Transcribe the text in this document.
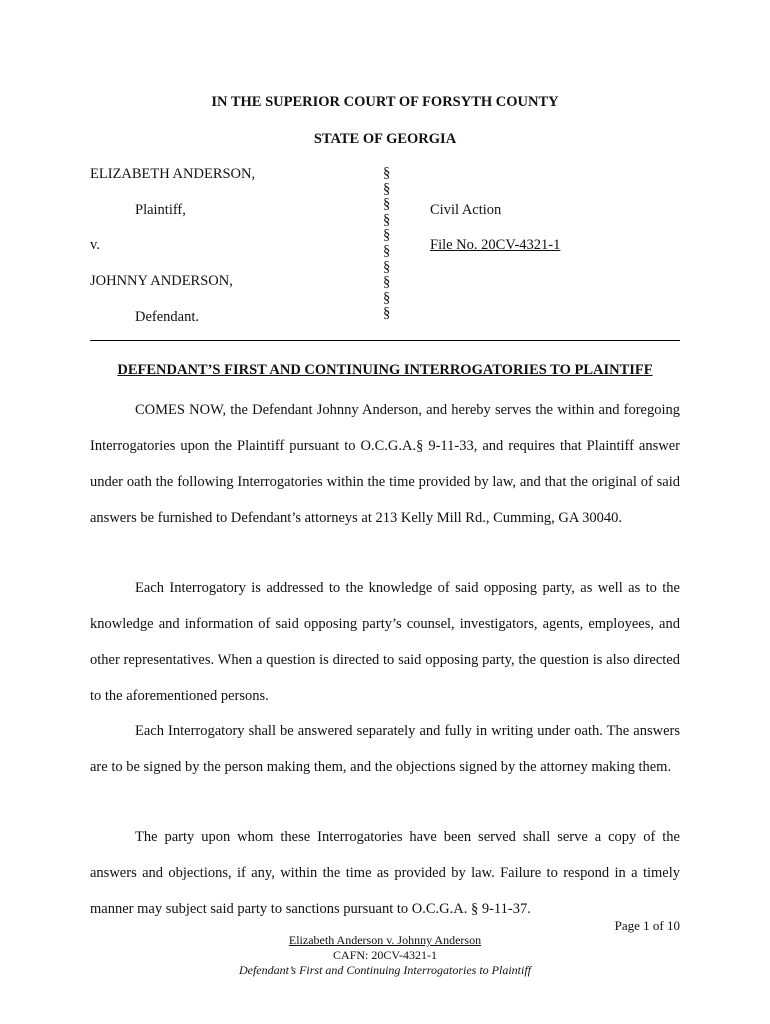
IN THE SUPERIOR COURT OF FORSYTH COUNTY
STATE OF GEORGIA
ELIZABETH ANDERSON,
Plaintiff,
v.
JOHNNY ANDERSON,
Defendant.
§
§
§
§
§
§
§
§
§
§
Civil Action
File No. 20CV-4321-1
DEFENDANT’S FIRST AND CONTINUING INTERROGATORIES TO PLAINTIFF

COMES NOW, the Defendant Johnny Anderson, and hereby serves the within and foregoing Interrogatories upon the Plaintiff pursuant to O.C.G.A.§ 9-11-33, and requires that Plaintiff answer under oath the following Interrogatories within the time provided by law, and that the original of said answers be furnished to Defendant’s attorneys at 213 Kelly Mill Rd., Cumming, GA 30040.

Each Interrogatory is addressed to the knowledge of said opposing party, as well as to the knowledge and information of said opposing party’s counsel, investigators, agents, employees, and other representatives. When a question is directed to said opposing party, the question is also directed to the aforementioned persons.

Each Interrogatory shall be answered separately and fully in writing under oath. The answers are to be signed by the person making them, and the objections signed by the attorney making them.

The party upon whom these Interrogatories have been served shall serve a copy of the answers and objections, if any, within the time as provided by law. Failure to respond in a timely manner may subject said party to sanctions pursuant to O.C.G.A. § 9-11-37.

Page 1 of 10
Elizabeth Anderson v. Johnny Anderson
CAFN: 20CV-4321-1
Defendant’s First and Continuing Interrogatories to Plaintiff
